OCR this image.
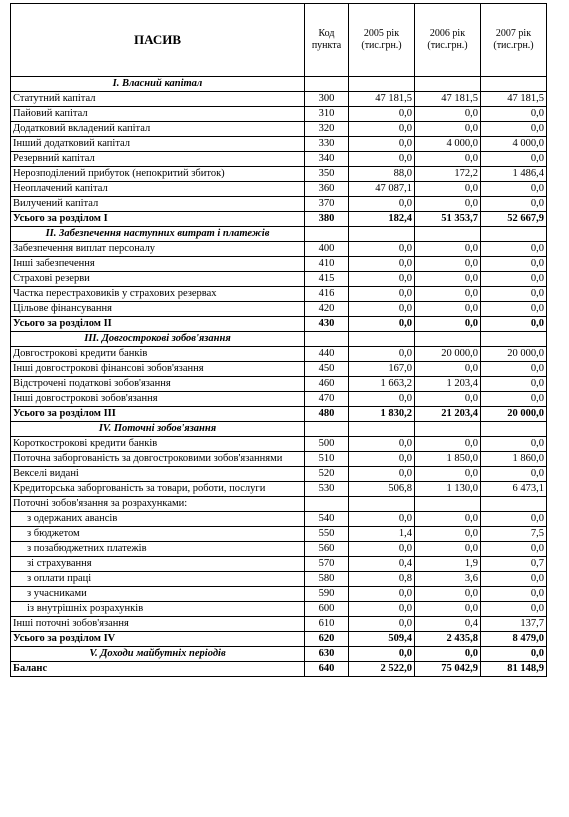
ПАСИВ	Код пункта	2005 рік (тис.грн.)	2006 рік (тис.грн.)	2007 рік (тис.грн.)
I. Власний капітал				
Статутний капітал	300	47 181,5	47 181,5	47 181,5
Пайовий капітал	310	0,0	0,0	0,0
Додатковий вкладений капітал	320	0,0	0,0	0,0
Інший додатковий капітал	330	0,0	4 000,0	4 000,0
Резервний капітал	340	0,0	0,0	0,0
Нерозподілений прибуток (непокритий збиток)	350	88,0	172,2	1 486,4
Неоплачений капітал	360	47 087,1	0,0	0,0
Вилучений капітал	370	0,0	0,0	0,0
Усього за розділом I	380	182,4	51 353,7	52 667,9
II. Забезпечення наступних витрат і платежів				
Забезпечення виплат персоналу	400	0,0	0,0	0,0
Інші забезпечення	410	0,0	0,0	0,0
Страхові резерви	415	0,0	0,0	0,0
Частка перестраховиків у страхових резервах	416	0,0	0,0	0,0
Цільове фінансування	420	0,0	0,0	0,0
Усього за розділом II	430	0,0	0,0	0,0
III. Довгострокові зобов'язання				
Довгострокові кредити банків	440	0,0	20 000,0	20 000,0
Інші довгострокові фінансові зобов'язання	450	167,0	0,0	0,0
Відстрочені податкові зобов'язання	460	1 663,2	1 203,4	0,0
Інші довгострокові зобов'язання	470	0,0	0,0	0,0
Усього за розділом III	480	1 830,2	21 203,4	20 000,0
IV. Поточні зобов'язання				
Короткострокові кредити банків	500	0,0	0,0	0,0
Поточна заборгованість за довгостроковими зобов'язаннями	510	0,0	1 850,0	1 860,0
Векселі видані	520	0,0	0,0	0,0
Кредиторська заборгованість за товари, роботи, послуги	530	506,8	1 130,0	6 473,1
Поточні зобов'язання за розрахунками:				
з одержаних авансів	540	0,0	0,0	0,0
з бюджетом	550	1,4	0,0	7,5
з позабюджетних платежів	560	0,0	0,0	0,0
зі страхування	570	0,4	1,9	0,7
з оплати праці	580	0,8	3,6	0,0
з учасниками	590	0,0	0,0	0,0
із внутрішніх розрахунків	600	0,0	0,0	0,0
Інші поточні зобов'язання	610	0,0	0,4	137,7
Усього за розділом IV	620	509,4	2 435,8	8 479,0
V. Доходи майбутніх періодів	630	0,0	0,0	0,0
Баланс	640	2 522,0	75 042,9	81 148,9
